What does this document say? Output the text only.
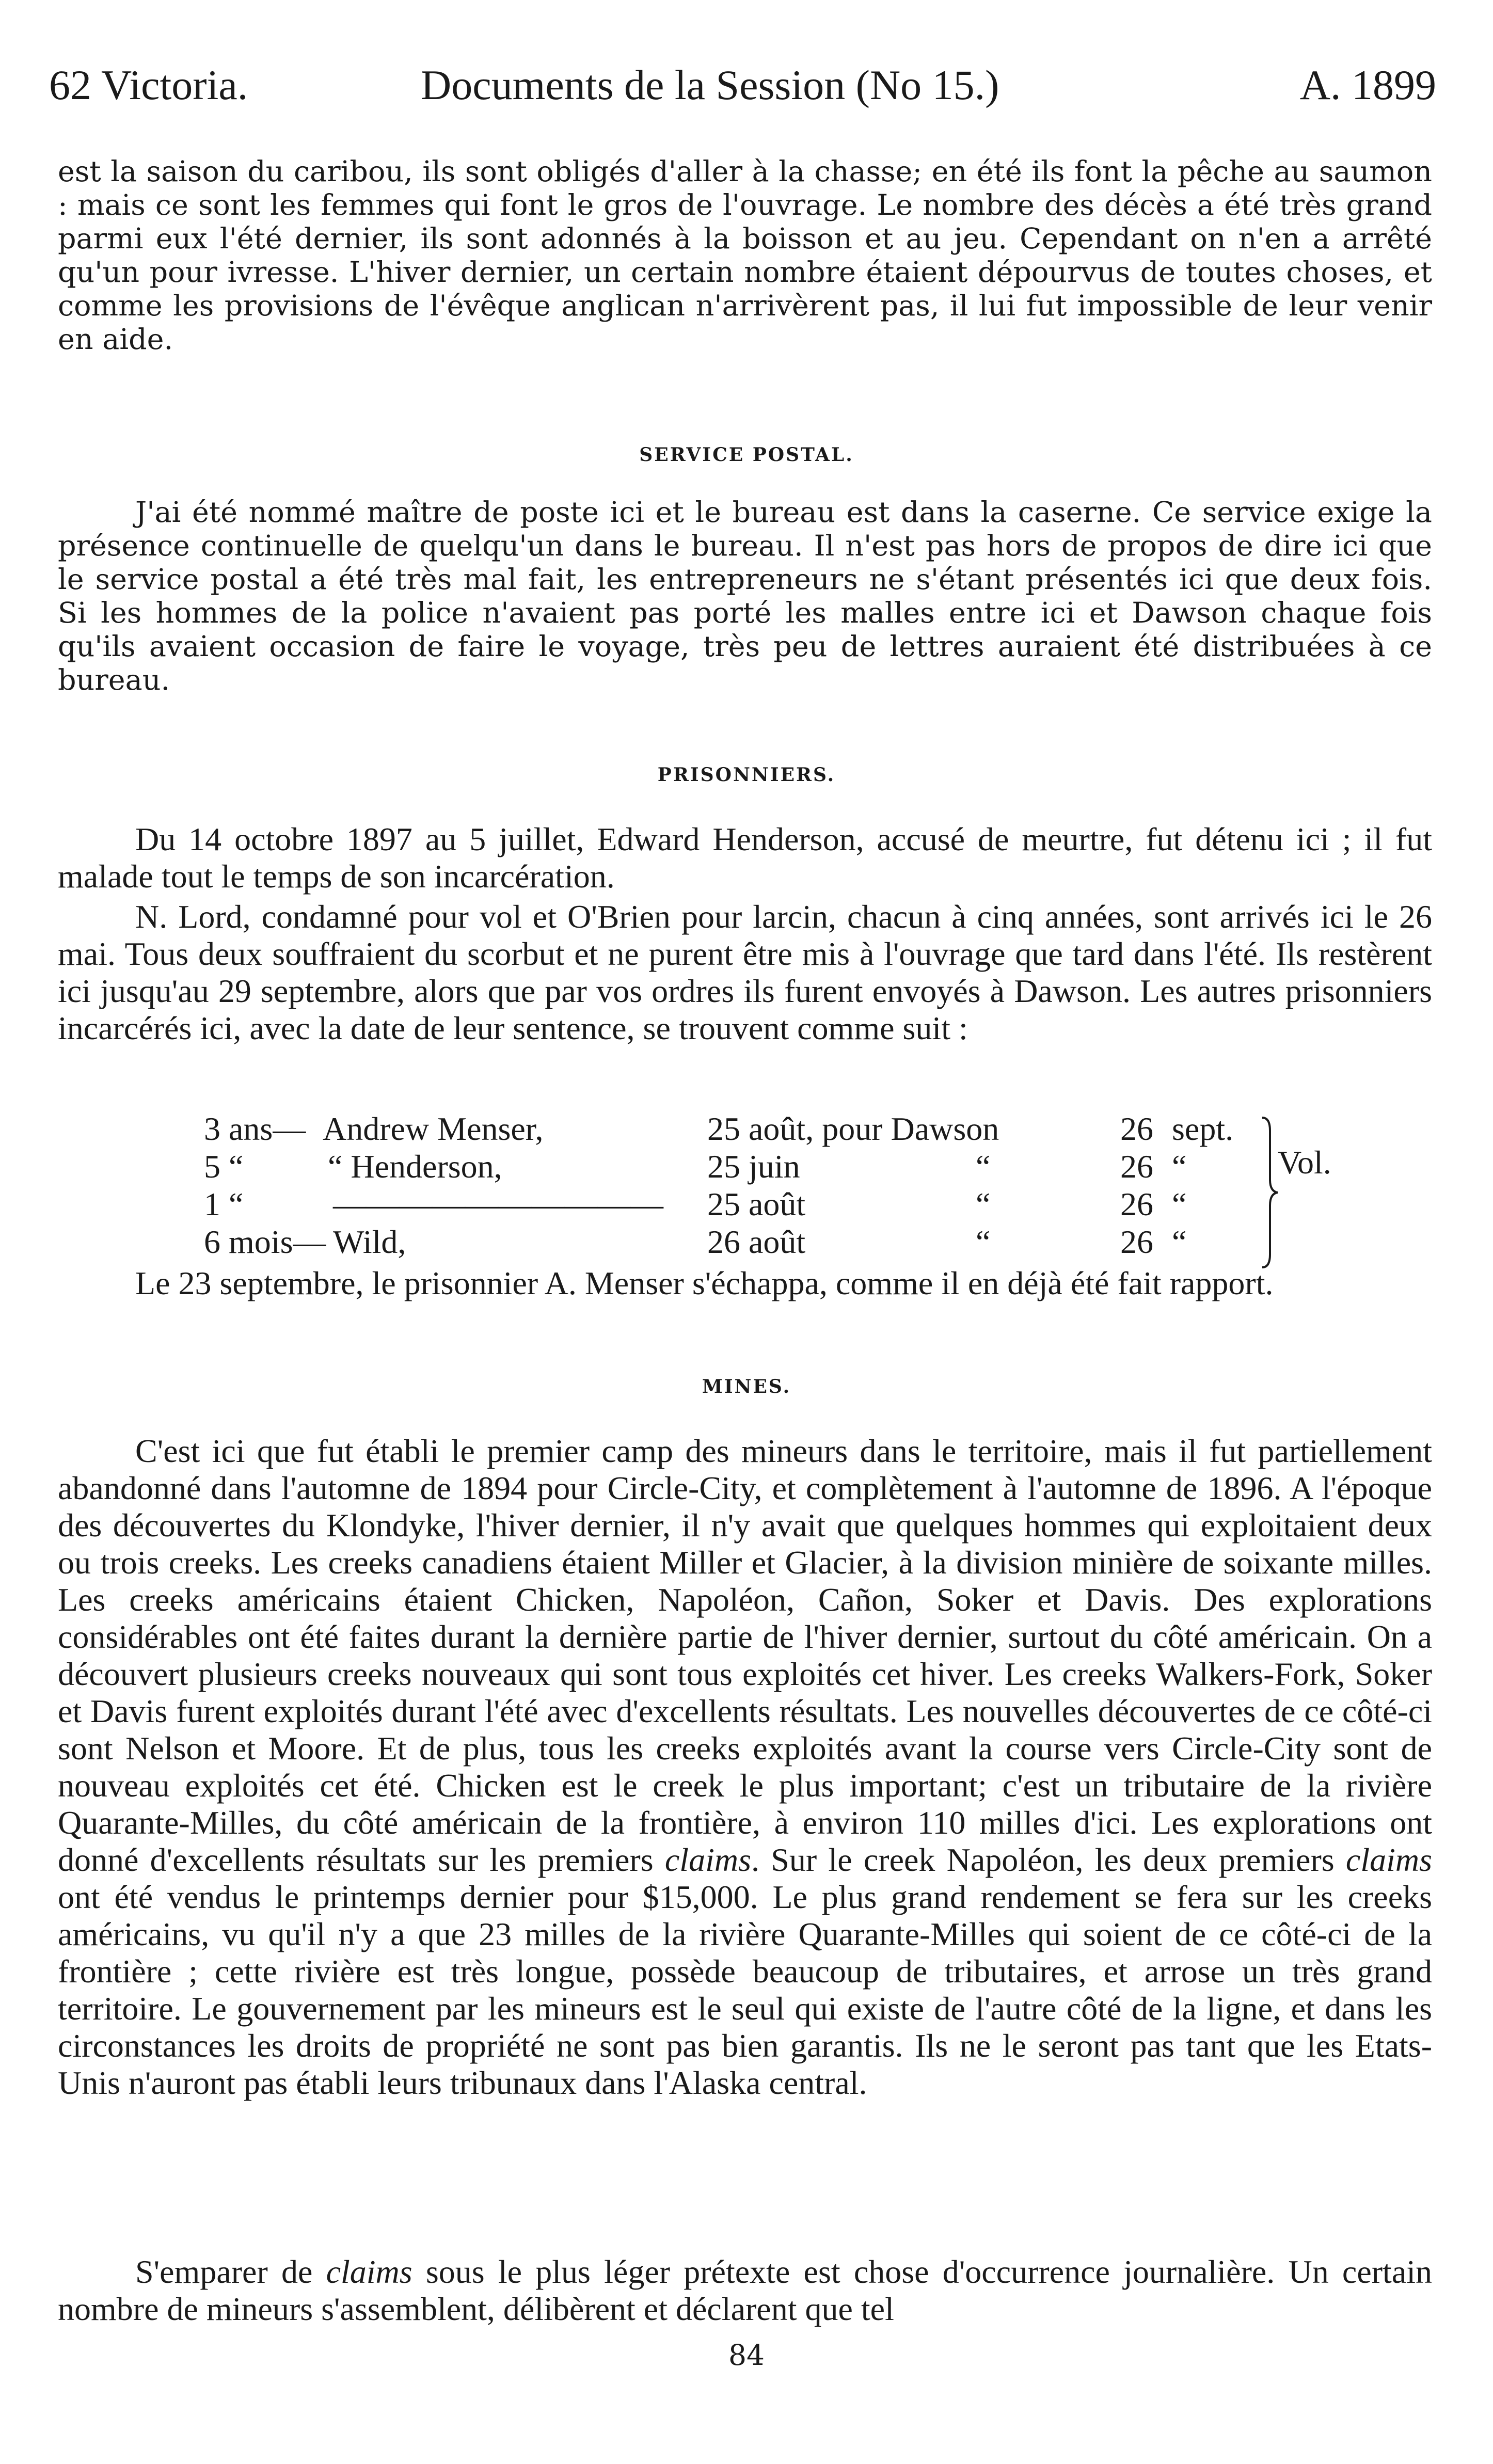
62 Victoria.	Documents de la Session (No 15.)	A. 1899

est la saison du caribou, ils sont obligés d'aller à la chasse; en été ils font la pêche au saumon : mais ce sont les femmes qui font le gros de l'ouvrage. Le nombre des décès a été très grand parmi eux l'été dernier, ils sont adonnés à la boisson et au jeu. Cependant on n'en a arrêté qu'un pour ivresse. L'hiver dernier, un certain nombre étaient dépourvus de toutes choses, et comme les provisions de l'évêque anglican n'arrivèrent pas, il lui fut impossible de leur venir en aide.

SERVICE POSTAL.

J'ai été nommé maître de poste ici et le bureau est dans la caserne. Ce service exige la présence continuelle de quelqu'un dans le bureau. Il n'est pas hors de propos de dire ici que le service postal a été très mal fait, les entrepreneurs ne s'étant présentés ici que deux fois. Si les hommes de la police n'avaient pas porté les malles entre ici et Dawson chaque fois qu'ils avaient occasion de faire le voyage, très peu de lettres auraient été distribuées à ce bureau.

PRISONNIERS.

Du 14 octobre 1897 au 5 juillet, Edward Henderson, accusé de meurtre, fut détenu ici ; il fut malade tout le temps de son incarcération.

N. Lord, condamné pour vol et O'Brien pour larcin, chacun à cinq années, sont arrivés ici le 26 mai. Tous deux souffraient du scorbut et ne purent être mis à l'ouvrage que tard dans l'été. Ils restèrent ici jusqu'au 29 septembre, alors que par vos ordres ils furent envoyés à Dawson. Les autres prisonniers incarcérés ici, avec la date de leur sentence, se trouvent comme suit :

3 ans— Andrew Menser,	25 août, pour Dawson	26 sept.
5 “	“ Henderson,	25 juin	“	26 “
1 “	—————————— 25 août	“	26 “
6 mois— Wild,	26 août	“	26 “
Vol.

Le 23 septembre, le prisonnier A. Menser s'échappa, comme il en déjà été fait rapport.

MINES.

C'est ici que fut établi le premier camp des mineurs dans le territoire, mais il fut partiellement abandonné dans l'automne de 1894 pour Circle-City, et complètement à l'automne de 1896. A l'époque des découvertes du Klondyke, l'hiver dernier, il n'y avait que quelques hommes qui exploitaient deux ou trois creeks. Les creeks canadiens étaient Miller et Glacier, à la division minière de soixante milles. Les creeks américains étaient Chicken, Napoléon, Cañon, Soker et Davis. Des explorations considérables ont été faites durant la dernière partie de l'hiver dernier, surtout du côté américain. On a découvert plusieurs creeks nouveaux qui sont tous exploités cet hiver. Les creeks Walkers-Fork, Soker et Davis furent exploités durant l'été avec d'excellents résultats. Les nouvelles découvertes de ce côté-ci sont Nelson et Moore. Et de plus, tous les creeks exploités avant la course vers Circle-City sont de nouveau exploités cet été. Chicken est le creek le plus important; c'est un tributaire de la rivière Quarante-Milles, du côté américain de la frontière, à environ 110 milles d'ici. Les explorations ont donné d'excellents résultats sur les premiers claims. Sur le creek Napoléon, les deux premiers claims ont été vendus le printemps dernier pour $15,000. Le plus grand rendement se fera sur les creeks américains, vu qu'il n'y a que 23 milles de la rivière Quarante-Milles qui soient de ce côté-ci de la frontière ; cette rivière est très longue, possède beaucoup de tributaires, et arrose un très grand territoire. Le gouvernement par les mineurs est le seul qui existe de l'autre côté de la ligne, et dans les circonstances les droits de propriété ne sont pas bien garantis. Ils ne le seront pas tant que les Etats-Unis n'auront pas établi leurs tribunaux dans l'Alaska central.

S'emparer de claims sous le plus léger prétexte est chose d'occurrence journalière. Un certain nombre de mineurs s'assemblent, délibèrent et déclarent que tel

84
